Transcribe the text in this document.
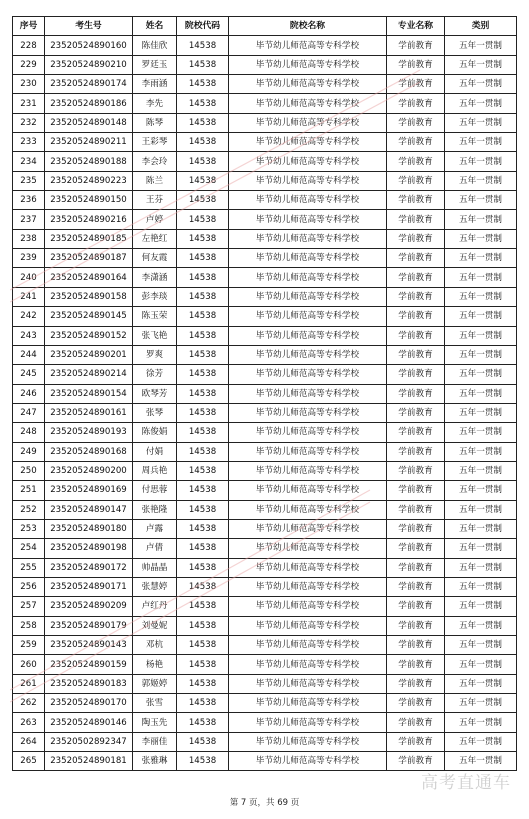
序号	考生号	姓名	院校代码	院校名称	专业名称	类别
228	23520524890160	陈佳欣	14538	毕节幼儿师范高等专科学校	学前教育	五年一贯制
229	23520524890210	罗廷玉	14538	毕节幼儿师范高等专科学校	学前教育	五年一贯制
230	23520524890174	李雨涵	14538	毕节幼儿师范高等专科学校	学前教育	五年一贯制
231	23520524890186	李先	14538	毕节幼儿师范高等专科学校	学前教育	五年一贯制
232	23520524890148	陈琴	14538	毕节幼儿师范高等专科学校	学前教育	五年一贯制
233	23520524890211	王彩琴	14538	毕节幼儿师范高等专科学校	学前教育	五年一贯制
234	23520524890188	李会玲	14538	毕节幼儿师范高等专科学校	学前教育	五年一贯制
235	23520524890223	陈兰	14538	毕节幼儿师范高等专科学校	学前教育	五年一贯制
236	23520524890150	王芬	14538	毕节幼儿师范高等专科学校	学前教育	五年一贯制
237	23520524890216	卢婷	14538	毕节幼儿师范高等专科学校	学前教育	五年一贯制
238	23520524890185	左艳红	14538	毕节幼儿师范高等专科学校	学前教育	五年一贯制
239	23520524890187	何友霞	14538	毕节幼儿师范高等专科学校	学前教育	五年一贯制
240	23520524890164	李潇涵	14538	毕节幼儿师范高等专科学校	学前教育	五年一贯制
241	23520524890158	彭李琰	14538	毕节幼儿师范高等专科学校	学前教育	五年一贯制
242	23520524890145	陈玉荣	14538	毕节幼儿师范高等专科学校	学前教育	五年一贯制
243	23520524890152	张飞艳	14538	毕节幼儿师范高等专科学校	学前教育	五年一贯制
244	23520524890201	罗爽	14538	毕节幼儿师范高等专科学校	学前教育	五年一贯制
245	23520524890214	徐芳	14538	毕节幼儿师范高等专科学校	学前教育	五年一贯制
246	23520524890154	欧琴芳	14538	毕节幼儿师范高等专科学校	学前教育	五年一贯制
247	23520524890161	张琴	14538	毕节幼儿师范高等专科学校	学前教育	五年一贯制
248	23520524890193	陈俊娟	14538	毕节幼儿师范高等专科学校	学前教育	五年一贯制
249	23520524890168	付娟	14538	毕节幼儿师范高等专科学校	学前教育	五年一贯制
250	23520524890200	周兵艳	14538	毕节幼儿师范高等专科学校	学前教育	五年一贯制
251	23520524890169	付思蓉	14538	毕节幼儿师范高等专科学校	学前教育	五年一贯制
252	23520524890147	张艳隆	14538	毕节幼儿师范高等专科学校	学前教育	五年一贯制
253	23520524890180	卢露	14538	毕节幼儿师范高等专科学校	学前教育	五年一贯制
254	23520524890198	卢倩	14538	毕节幼儿师范高等专科学校	学前教育	五年一贯制
255	23520524890172	帅晶晶	14538	毕节幼儿师范高等专科学校	学前教育	五年一贯制
256	23520524890171	张慧婷	14538	毕节幼儿师范高等专科学校	学前教育	五年一贯制
257	23520524890209	卢红丹	14538	毕节幼儿师范高等专科学校	学前教育	五年一贯制
258	23520524890179	刘曼妮	14538	毕节幼儿师范高等专科学校	学前教育	五年一贯制
259	23520524890143	邓杭	14538	毕节幼儿师范高等专科学校	学前教育	五年一贯制
260	23520524890159	杨艳	14538	毕节幼儿师范高等专科学校	学前教育	五年一贯制
261	23520524890183	郭姬婷	14538	毕节幼儿师范高等专科学校	学前教育	五年一贯制
262	23520524890170	张雪	14538	毕节幼儿师范高等专科学校	学前教育	五年一贯制
263	23520524890146	陶玉先	14538	毕节幼儿师范高等专科学校	学前教育	五年一贯制
264	23520502892347	李丽佳	14538	毕节幼儿师范高等专科学校	学前教育	五年一贯制
265	23520524890181	张雅琳	14538	毕节幼儿师范高等专科学校	学前教育	五年一贯制
高考直通车
第 7 页，共 69 页
